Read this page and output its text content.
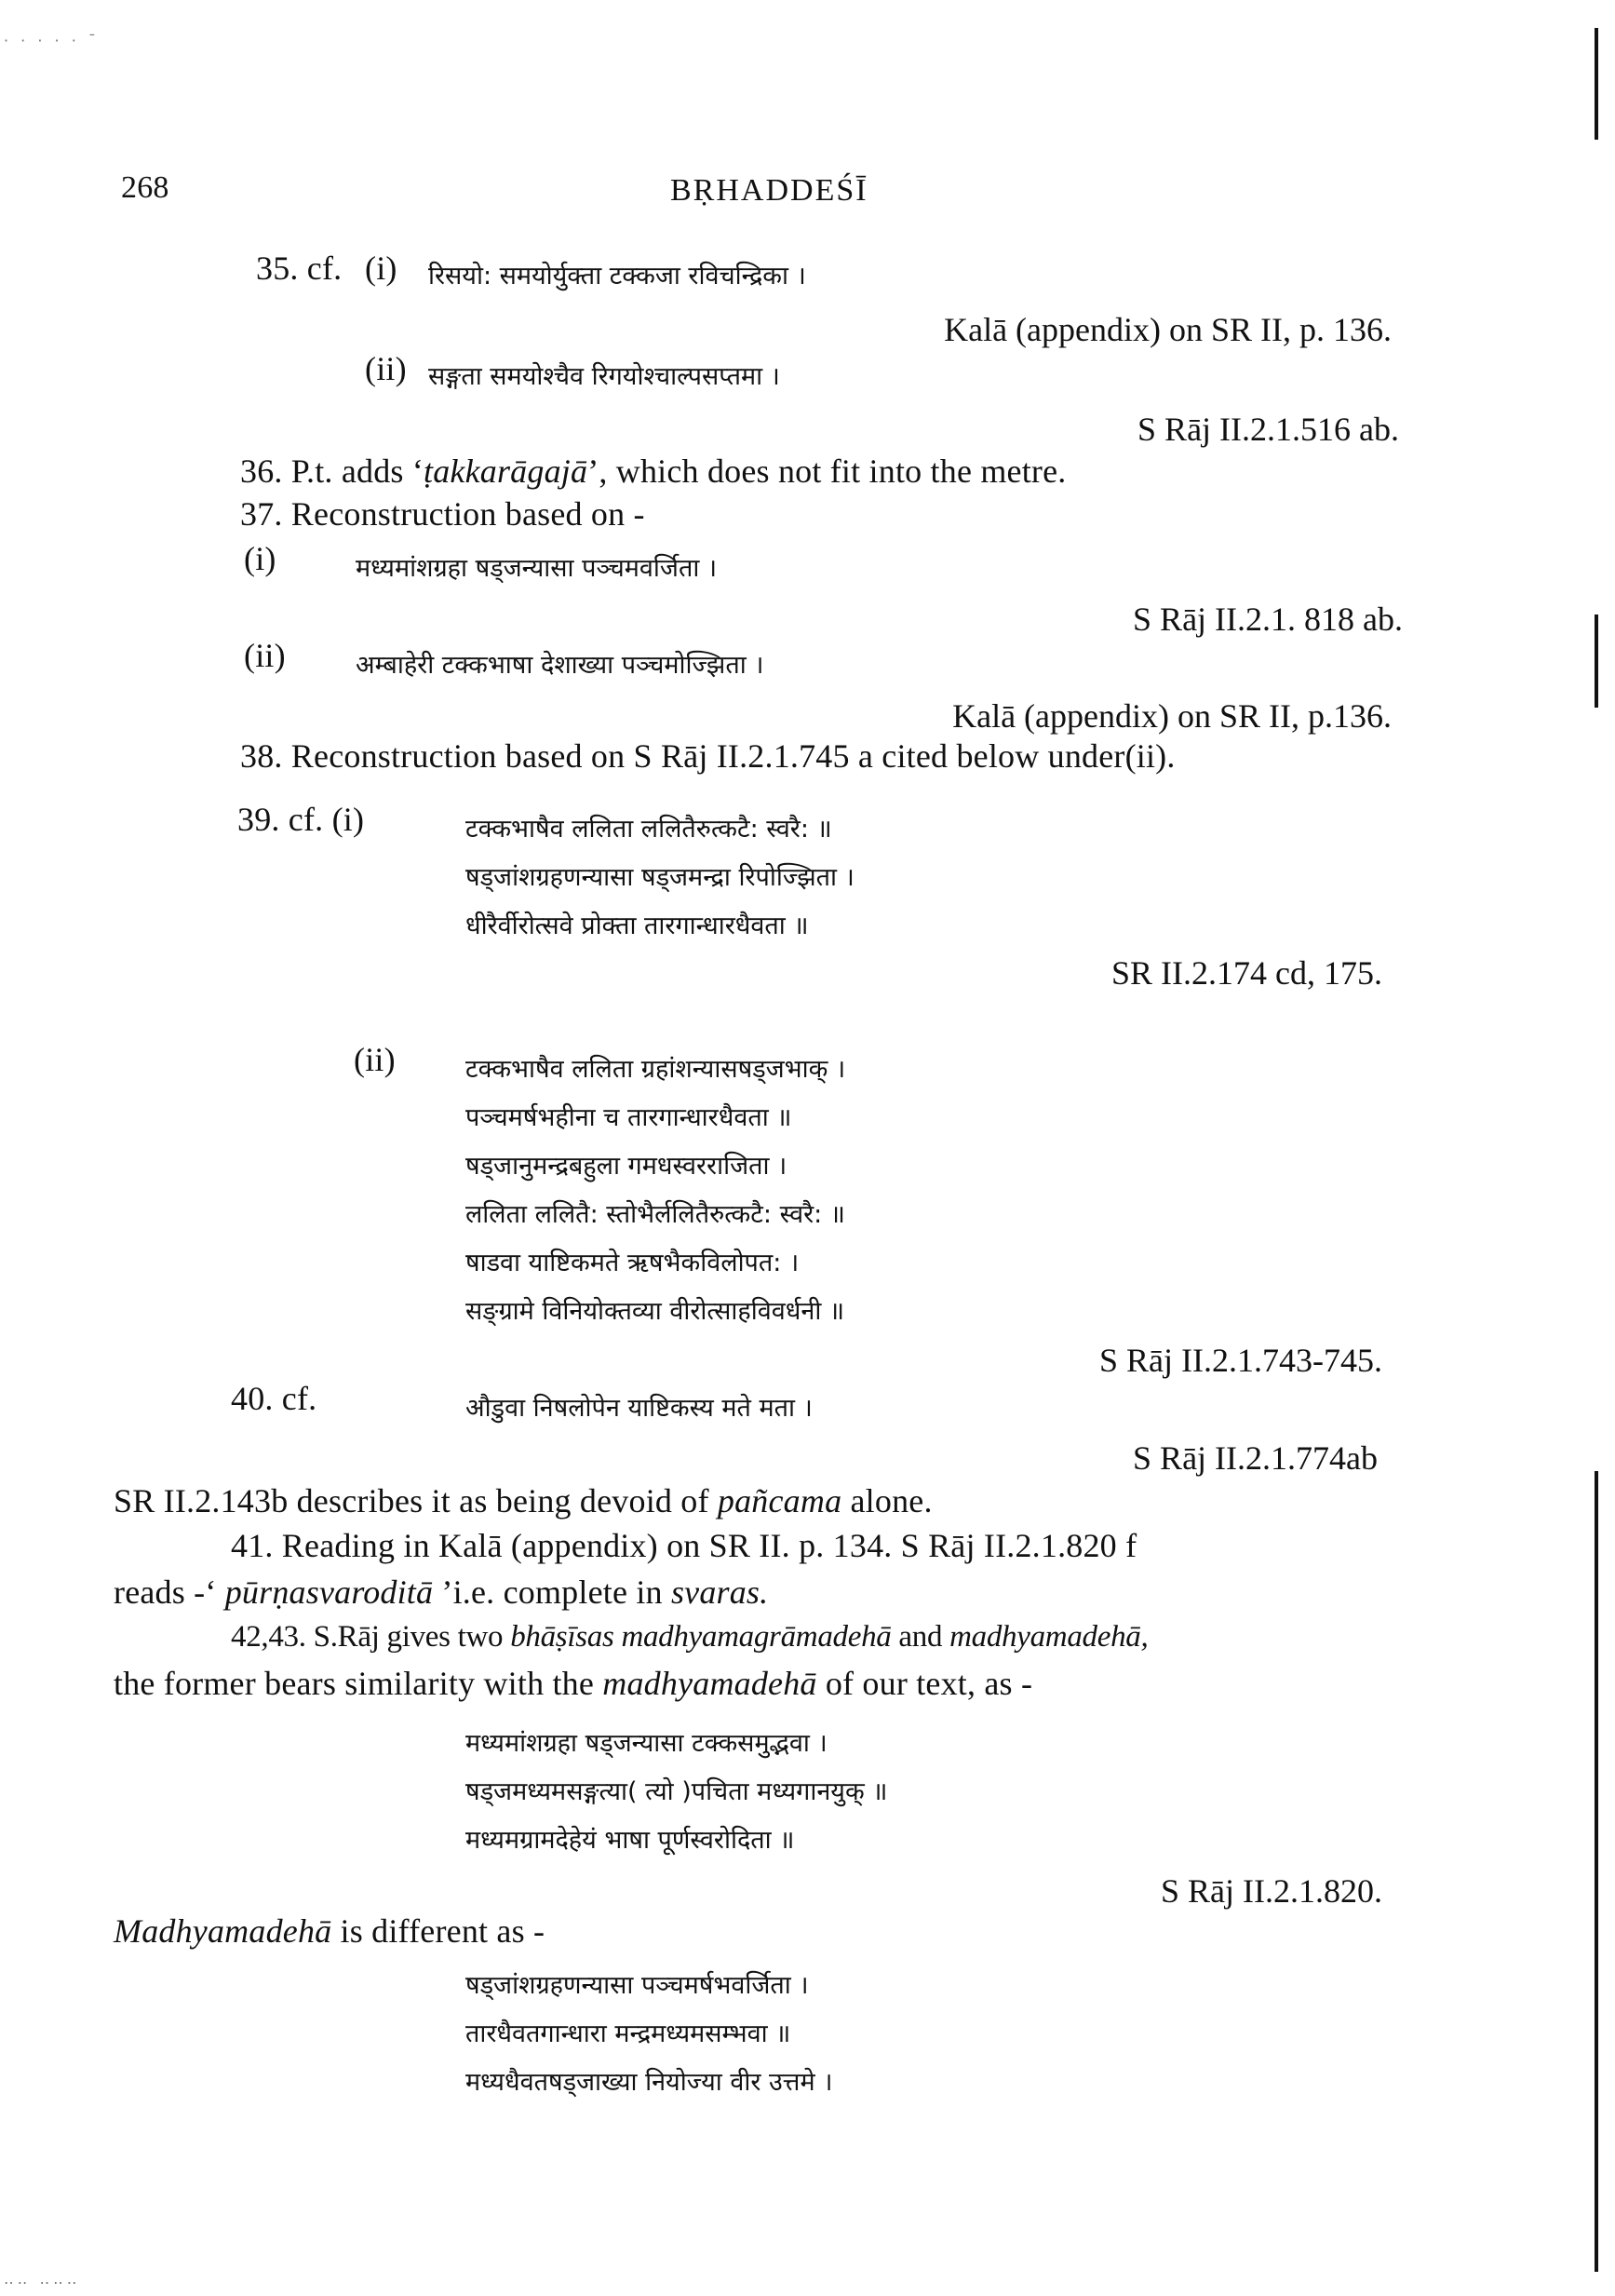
· · · · · ˉ
268	BṚHADDEŚĪ
35. cf. (i) रिसयो: समयोर्युक्ता टक्कजा रविचन्द्रिका ।
Kalā (appendix) on SR II, p. 136.
(ii) सङ्गता समयोश्चैव रिगयोश्चाल्पसप्तमा ।
S Rāj II.2.1.516 ab.
36. P.t. adds ‘ṭakkarāgajā’, which does not fit into the metre.
37. Reconstruction based on -
(i)	मध्यमांशग्रहा षड्जन्यासा पञ्चमवर्जिता ।
S Rāj II.2.1. 818 ab.
(ii)	अम्बाहेरी टक्कभाषा देशाख्या पञ्चमोज्झिता ।
Kalā (appendix) on SR II, p.136.
38. Reconstruction based on S Rāj II.2.1.745 a cited below under(ii).
39. cf. (i)	टक्कभाषैव ललिता ललितैरुत्कटै: स्वरै: ॥
षड्जांशग्रहणन्यासा षड्जमन्द्रा रिपोज्झिता ।
धीरैर्वीरोत्सवे प्रोक्ता तारगान्धारधैवता ॥
SR II.2.174 cd, 175.
(ii)	टक्कभाषैव ललिता ग्रहांशन्यासषड्जभाक् ।
पञ्चमर्षभहीना च तारगान्धारधैवता ॥
षड्जानुमन्द्रबहुला गमधस्वरराजिता ।
ललिता ललितै: स्तोभैर्ललितैरुत्कटै: स्वरै: ॥
षाडवा याष्टिकमते ऋषभैकविलोपत: ।
सङ्ग्रामे विनियोक्तव्या वीरोत्साहविवर्धनी ॥
S Rāj II.2.1.743-745.
40. cf.	औडुवा निषलोपेन याष्टिकस्य मते मता ।
S Rāj II.2.1.774ab
SR II.2.143b describes it as being devoid of pañcama alone.
41. Reading in Kalā (appendix) on SR II. p. 134. S Rāj II.2.1.820 f
reads -‘ pūrṇasvaroditā ’i.e. complete in svaras.
42,43. S.Rāj gives two bhāṣīsas madhyamagrāmadehā and madhyamadehā,
the former bears similarity with the madhyamadehā of our text, as -
मध्यमांशग्रहा षड्जन्यासा टक्कसमुद्भवा ।
षड्जमध्यमसङ्गत्या( त्यो )पचिता मध्यगानयुक् ॥
मध्यमग्रामदेहेयं भाषा पूर्णस्वरोदिता ॥
S Rāj II.2.1.820.
Madhyamadehā is different as -
षड्जांशग्रहणन्यासा पञ्चमर्षभवर्जिता ।
तारधैवतगान्धारा मन्द्रमध्यमसम्भवा ॥
मध्यधैवतषड्जाख्या नियोज्या वीर उत्तमे ।
‥‥ ‥‥‥
